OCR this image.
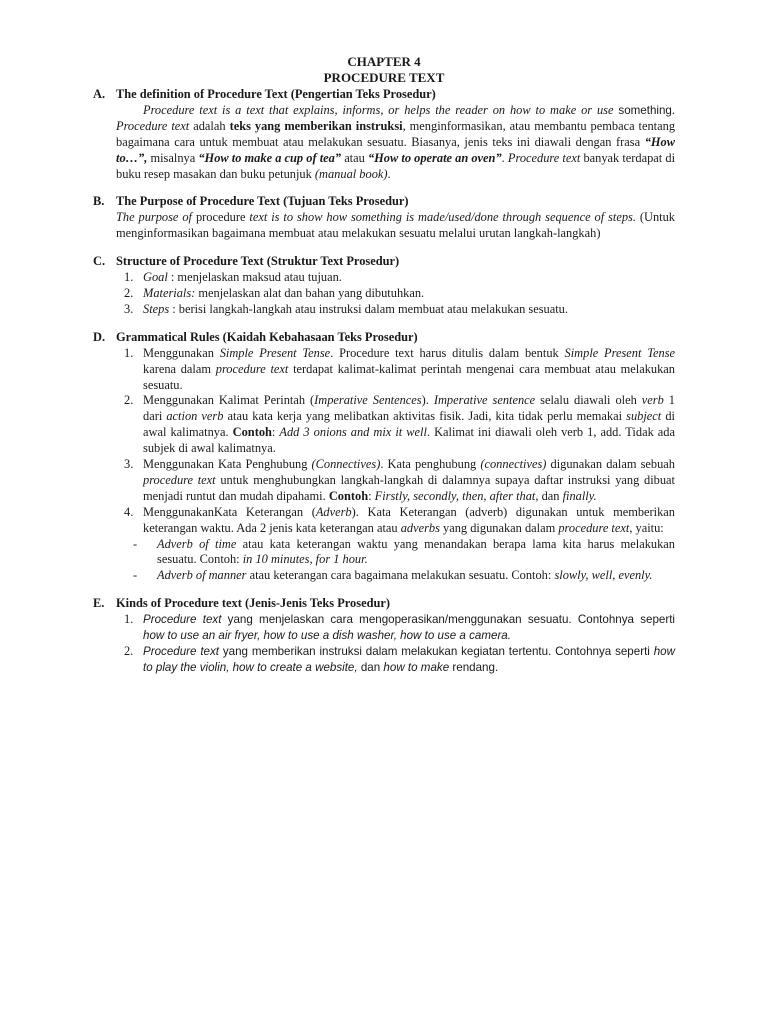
CHAPTER 4
PROCEDURE TEXT
A. The definition of Procedure Text (Pengertian Teks Prosedur)
Procedure text is a text that explains, informs, or helps the reader on how to make or use something. Procedure text adalah teks yang memberikan instruksi, menginformasikan, atau membantu pembaca tentang bagaimana cara untuk membuat atau melakukan sesuatu. Biasanya, jenis teks ini diawali dengan frasa “How to…”, misalnya “How to make a cup of tea” atau “How to operate an oven”. Procedure text banyak terdapat di buku resep masakan dan buku petunjuk (manual book).
B. The Purpose of Procedure Text (Tujuan Teks Prosedur)
The purpose of procedure text is to show how something is made/used/done through sequence of steps. (Untuk menginformasikan bagaimana membuat atau melakukan sesuatu melalui urutan langkah-langkah)
C. Structure of Procedure Text (Struktur Text Prosedur)
1. Goal : menjelaskan maksud atau tujuan.
2. Materials: menjelaskan alat dan bahan yang dibutuhkan.
3. Steps : berisi langkah-langkah atau instruksi dalam membuat atau melakukan sesuatu.
D. Grammatical Rules (Kaidah Kebahasaan Teks Prosedur)
1. Menggunakan Simple Present Tense. Procedure text harus ditulis dalam bentuk Simple Present Tense karena dalam procedure text terdapat kalimat-kalimat perintah mengenai cara membuat atau melakukan sesuatu.
2. Menggunakan Kalimat Perintah (Imperative Sentences). Imperative sentence selalu diawali oleh verb 1 dari action verb atau kata kerja yang melibatkan aktivitas fisik. Jadi, kita tidak perlu memakai subject di awal kalimatnya. Contoh: Add 3 onions and mix it well. Kalimat ini diawali oleh verb 1, add. Tidak ada subjek di awal kalimatnya.
3. Menggunakan Kata Penghubung (Connectives). Kata penghubung (connectives) digunakan dalam sebuah procedure text untuk menghubungkan langkah-langkah di dalamnya supaya daftar instruksi yang dibuat menjadi runtut dan mudah dipahami. Contoh: Firstly, secondly, then, after that, dan finally.
4. MenggunakanKata Keterangan (Adverb). Kata Keterangan (adverb) digunakan untuk memberikan keterangan waktu. Ada 2 jenis kata keterangan atau adverbs yang digunakan dalam procedure text, yaitu:
-	Adverb of time atau kata keterangan waktu yang menandakan berapa lama kita harus melakukan sesuatu. Contoh: in 10 minutes, for 1 hour.
-	Adverb of manner atau keterangan cara bagaimana melakukan sesuatu. Contoh: slowly, well, evenly.
E. Kinds of Procedure text (Jenis-Jenis Teks Prosedur)
1. Procedure text yang menjelaskan cara mengoperasikan/menggunakan sesuatu. Contohnya seperti how to use an air fryer, how to use a dish washer, how to use a camera.
2. Procedure text yang memberikan instruksi dalam melakukan kegiatan tertentu. Contohnya seperti how to play the violin, how to create a website, dan how to make rendang.
